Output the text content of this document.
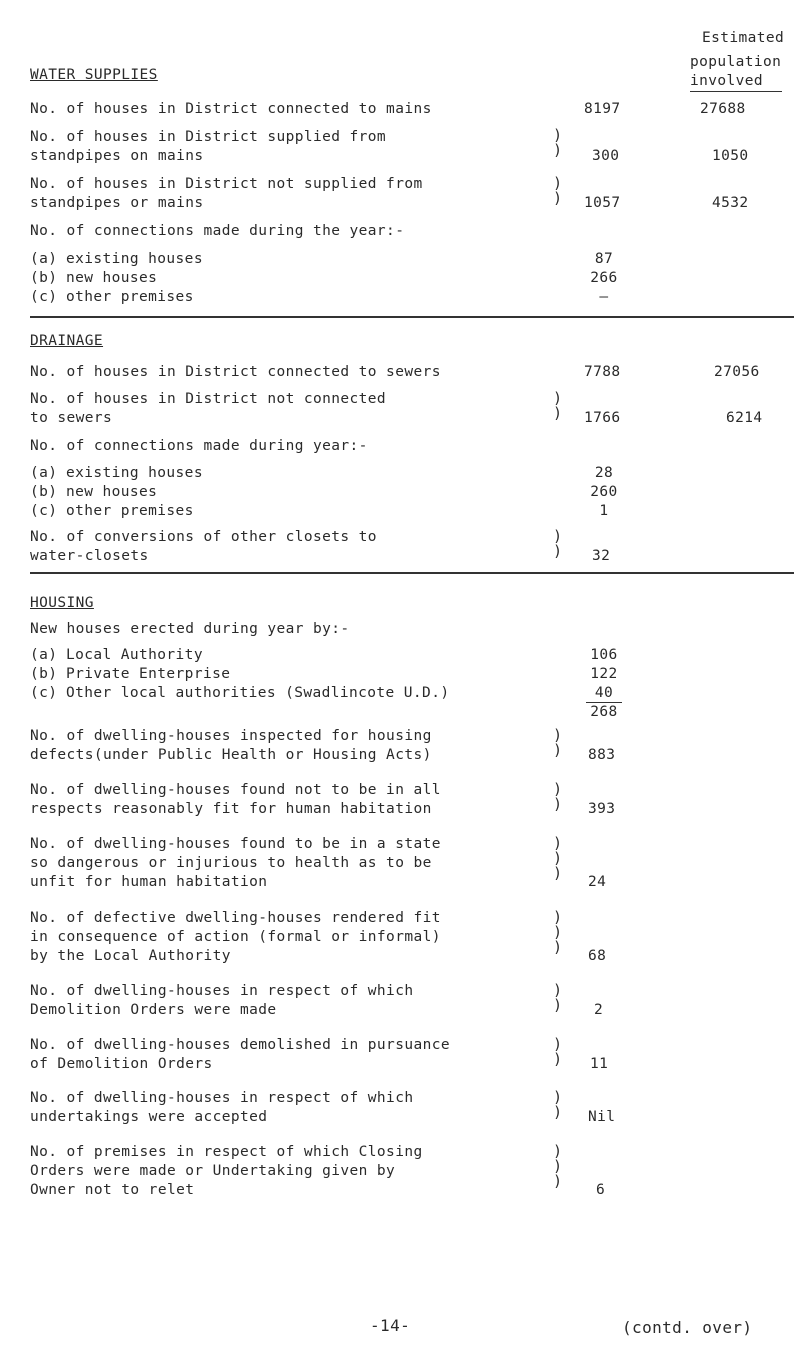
Estimated
population
involved
WATER SUPPLIES
No. of houses in District connected to mains	8197	27688
No. of houses in District supplied from
standpipes on mains
)
) 300	1050
No. of houses in District not supplied from
standpipes or mains
)
) 1057	4532
No. of connections made during the year:-
(a) existing houses	87
(b) new houses	266
(c) other premises	–
DRAINAGE
No. of houses in District connected to sewers	7788	27056
No. of houses in District not connected
to sewers
)
) 1766	6214
No. of connections made during year:-
(a) existing houses	28
(b) new houses	260
(c) other premises	1
No. of conversions of other closets to
water-closets
)
) 32
HOUSING
New houses erected during year by:-
(a) Local Authority	106
(b) Private Enterprise	122
(c) Other local authorities (Swadlincote U.D.)	40
268
No. of dwelling-houses inspected for housing
defects(under Public Health or Housing Acts)
)
) 883
No. of dwelling-houses found not to be in all
respects reasonably fit for human habitation
)
) 393
No. of dwelling-houses found to be in a state
so dangerous or injurious to health as to be
unfit for human habitation
)
)
) 24
No. of defective dwelling-houses rendered fit
in consequence of action (formal or informal)
by the Local Authority
)
)
) 68
No. of dwelling-houses in respect of which
Demolition Orders were made
)
) 2
No. of dwelling-houses demolished in pursuance
of Demolition Orders
)
) 11
No. of dwelling-houses in respect of which
undertakings were accepted
)
) Nil
No. of premises in respect of which Closing
Orders were made or Undertaking given by
Owner not to relet
)
)
) 6
-14-	(contd. over)
